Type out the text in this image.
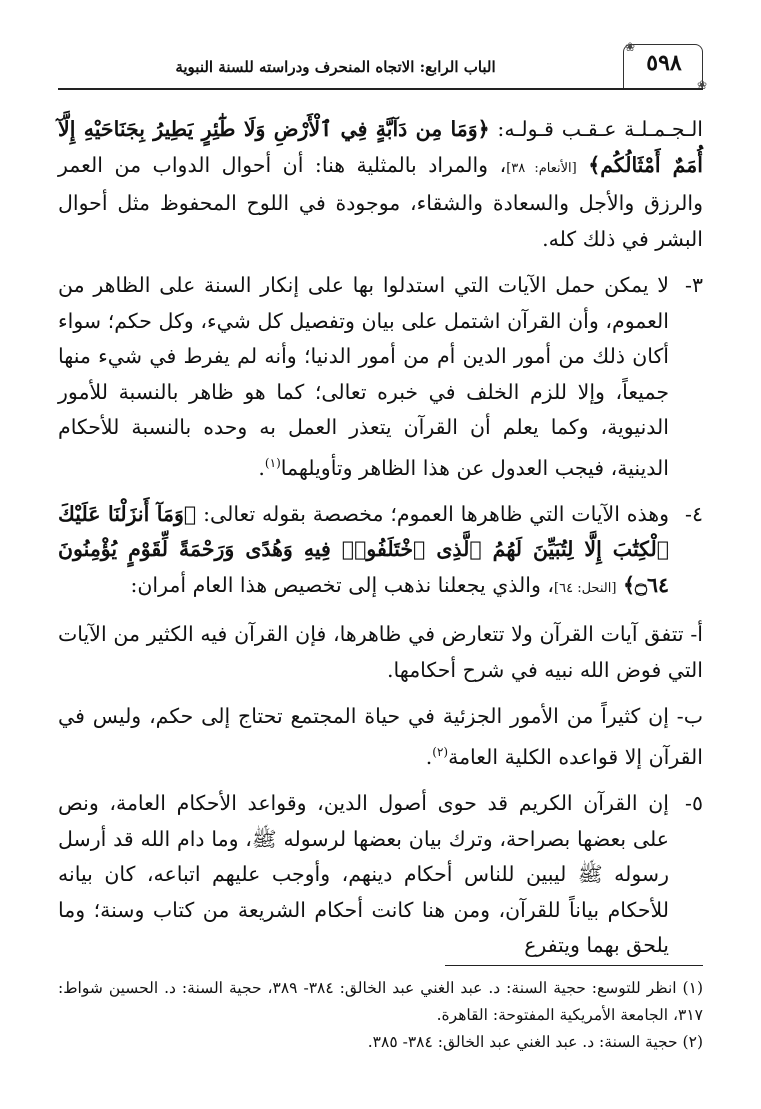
❀
❀
٥٩٨
الباب الرابع: الاتجاه المنحرف ودراسته للسنة النبوية

الـجـمـلـة عـقـب قـولـه: ﴿وَمَا مِن دَآبَّةٍ فِي ٱلْأَرْضِ وَلَا طَٰٓئِرٍ يَطِيرُ بِجَنَاحَيْهِ إِلَّآ أُمَمٌ أَمْثَالُكُم﴾ [الأنعام: ٣٨]، والمراد بالمثلية هنا: أن أحوال الدواب من العمر والرزق والأجل والسعادة والشقاء، موجودة في اللوح المحفوظ مثل أحوال البشر في ذلك كله.

٣-
لا يمكن حمل الآيات التي استدلوا بها على إنكار السنة على الظاهر من العموم، وأن القرآن اشتمل على بيان وتفصيل كل شيء، وكل حكم؛ سواء أكان ذلك من أمور الدين أم من أمور الدنيا؛ وأنه لم يفرط في شيء منها جميعاً، وإلا للزم الخلف في خبره تعالى؛ كما هو ظاهر بالنسبة للأمور الدنيوية، وكما يعلم أن القرآن يتعذر العمل به وحده بالنسبة للأحكام الدينية، فيجب العدول عن هذا الظاهر وتأويلهما$^{(١)}$.

٤-
وهذه الآيات التي ظاهرها العموم؛ مخصصة بقوله تعالى: ﴿وَمَآ أَنزَلْنَا عَلَيْكَ ٱلْكِتَٰبَ إِلَّا لِتُبَيِّنَ لَهُمُ ٱلَّذِى ٱخْتَلَفُوا۟ فِيهِ وَهُدًى وَرَحْمَةً لِّقَوْمٍ يُؤْمِنُونَ ۝٦٤﴾ [النحل: ٦٤]، والذي يجعلنا نذهب إلى تخصيص هذا العام أمران:

أ- تتفق آيات القرآن ولا تتعارض في ظاهرها، فإن القرآن فيه الكثير من الآيات التي فوض الله نبيه في شرح أحكامها.

ب- إن كثيراً من الأمور الجزئية في حياة المجتمع تحتاج إلى حكم، وليس في القرآن إلا قواعده الكلية العامة$^{(٢)}$.

٥-
إن القرآن الكريم قد حوى أصول الدين، وقواعد الأحكام العامة، ونص على بعضها بصراحة، وترك بيان بعضها لرسوله ﷺ، وما دام الله قد أرسل رسوله ﷺ ليبين للناس أحكام دينهم، وأوجب عليهم اتباعه، كان بيانه للأحكام بياناً للقرآن، ومن هنا كانت أحكام الشريعة من كتاب وسنة؛ وما يلحق بهما ويتفرع

(١) انظر للتوسع: حجية السنة: د. عبد الغني عبد الخالق: ٣٨٤- ٣٨٩، حجية السنة: د. الحسين شواط: ٣١٧، الجامعة الأمريكية المفتوحة: القاهرة.

(٢) حجية السنة: د. عبد الغني عبد الخالق: ٣٨٤- ٣٨٥.
